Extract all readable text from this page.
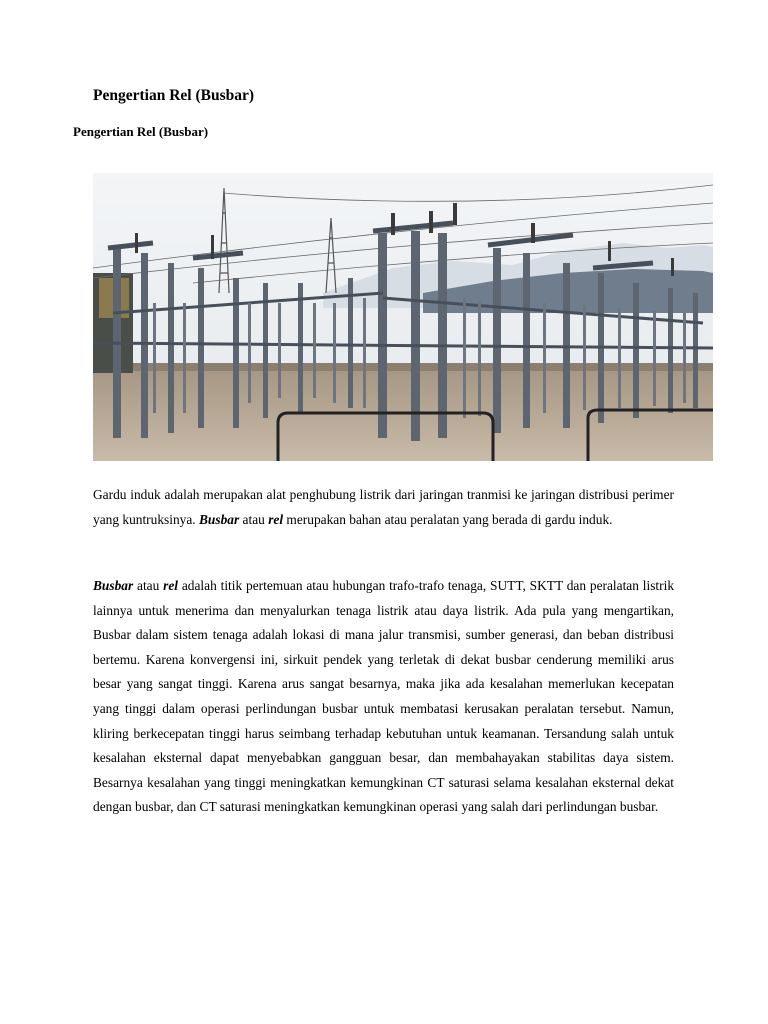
Pengertian Rel (Busbar)
Pengertian Rel (Busbar)
Gardu induk adalah merupakan alat penghubung listrik dari jaringan tranmisi ke jaringan distribusi perimer yang kuntruksinya. Busbar atau rel merupakan bahan atau peralatan yang berada di gardu induk.
Busbar atau rel adalah titik pertemuan atau hubungan trafo-trafo tenaga, SUTT, SKTT dan peralatan listrik lainnya untuk menerima dan menyalurkan tenaga listrik atau daya listrik. Ada pula yang mengartikan, Busbar dalam sistem tenaga adalah lokasi di mana jalur transmisi, sumber generasi, dan beban distribusi bertemu. Karena konvergensi ini, sirkuit pendek yang terletak di dekat busbar cenderung memiliki arus besar yang sangat tinggi. Karena arus sangat besarnya, maka jika ada kesalahan memerlukan kecepatan yang tinggi dalam operasi perlindungan busbar untuk membatasi kerusakan peralatan tersebut. Namun, kliring berkecepatan tinggi harus seimbang terhadap kebutuhan untuk keamanan. Tersandung salah untuk kesalahan eksternal dapat menyebabkan gangguan besar, dan membahayakan stabilitas daya sistem. Besarnya kesalahan yang tinggi meningkatkan kemungkinan CT saturasi selama kesalahan eksternal dekat dengan busbar, dan CT saturasi meningkatkan kemungkinan operasi yang salah dari perlindungan busbar.
